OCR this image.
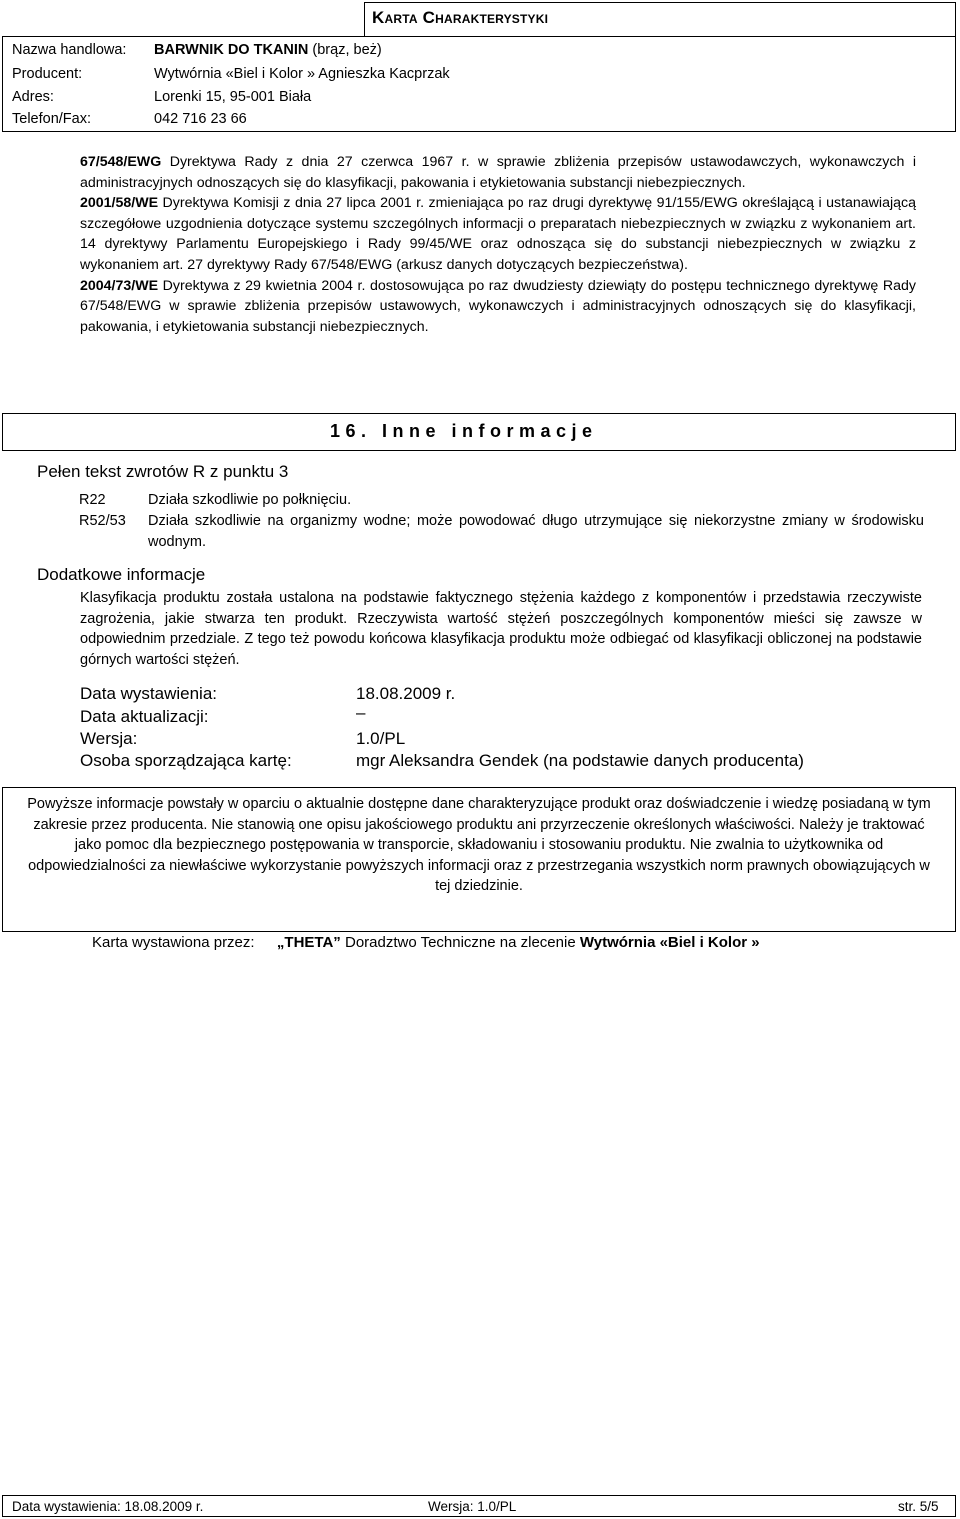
Karta Charakterystyki
Nazwa handlowa: BARWNIK DO TKANIN (brąz, beż)
Producent:	Wytwórnia «Biel i Kolor » Agnieszka Kacprzak
Adres:	Lorenki 15, 95-001 Biała
Telefon/Fax:	042 716 23 66

67/548/EWG Dyrektywa Rady z dnia 27 czerwca 1967 r. w sprawie zbliżenia przepisów ustawodawczych, wykonawczych i administracyjnych odnoszących się do klasyfikacji, pakowania i etykietowania substancji niebezpiecznych.

2001/58/WE Dyrektywa Komisji z dnia 27 lipca 2001 r. zmieniająca po raz drugi dyrektywę 91/155/EWG określającą i ustanawiającą szczegółowe uzgodnienia dotyczące systemu szczególnych informacji o preparatach niebezpiecznych w związku z wykonaniem art. 14 dyrektywy Parlamentu Europejskiego i Rady 99/45/WE oraz odnosząca się do substancji niebezpiecznych w związku z wykonaniem art. 27 dyrektywy Rady 67/548/EWG (arkusz danych dotyczących bezpieczeństwa).

2004/73/WE Dyrektywa z 29 kwietnia 2004 r. dostosowująca po raz dwudziesty dziewiąty do postępu technicznego dyrektywę Rady 67/548/EWG w sprawie zbliżenia przepisów ustawowych, wykonawczych i administracyjnych odnoszących się do klasyfikacji, pakowania, i etykietowania substancji niebezpiecznych.

16. Inne informacje
Pełen tekst zwrotów R z punktu 3
R22	Działa szkodliwie po połknięciu.
R52/53 Działa szkodliwie na organizmy wodne; może powodować długo utrzymujące się niekorzystne zmiany w środowisku wodnym.
Dodatkowe informacje
Klasyfikacja produktu została ustalona na podstawie faktycznego stężenia każdego z komponentów i przedstawia rzeczywiste zagrożenia, jakie stwarza ten produkt. Rzeczywista wartość stężeń poszczególnych komponentów mieści się zawsze w odpowiednim przedziale. Z tego też powodu końcowa klasyfikacja produktu może odbiegać od klasyfikacji obliczonej na podstawie górnych wartości stężeń.
Data wystawienia:	18.08.2009 r.
Data aktualizacji:	–
Wersja:	1.0/PL
Osoba sporządzająca kartę:	mgr Aleksandra Gendek (na podstawie danych producenta)
Powyższe informacje powstały w oparciu o aktualnie dostępne dane charakteryzujące produkt oraz doświadczenie i wiedzę posiadaną w tym zakresie przez producenta. Nie stanowią one opisu jakościowego produktu ani przyrzeczenie określonych właściwości. Należy je traktować jako pomoc dla bezpiecznego postępowania w transporcie, składowaniu i stosowaniu produktu. Nie zwalnia to użytkownika od odpowiedzialności za niewłaściwe wykorzystanie powyższych informacji oraz z przestrzegania wszystkich norm prawnych obowiązujących w tej dziedzinie.
Karta wystawiona przez: „THETA” Doradztwo Techniczne na zlecenie Wytwórnia «Biel i Kolor »
Data wystawienia: 18.08.2009 r.	Wersja: 1.0/PL	str. 5/5
